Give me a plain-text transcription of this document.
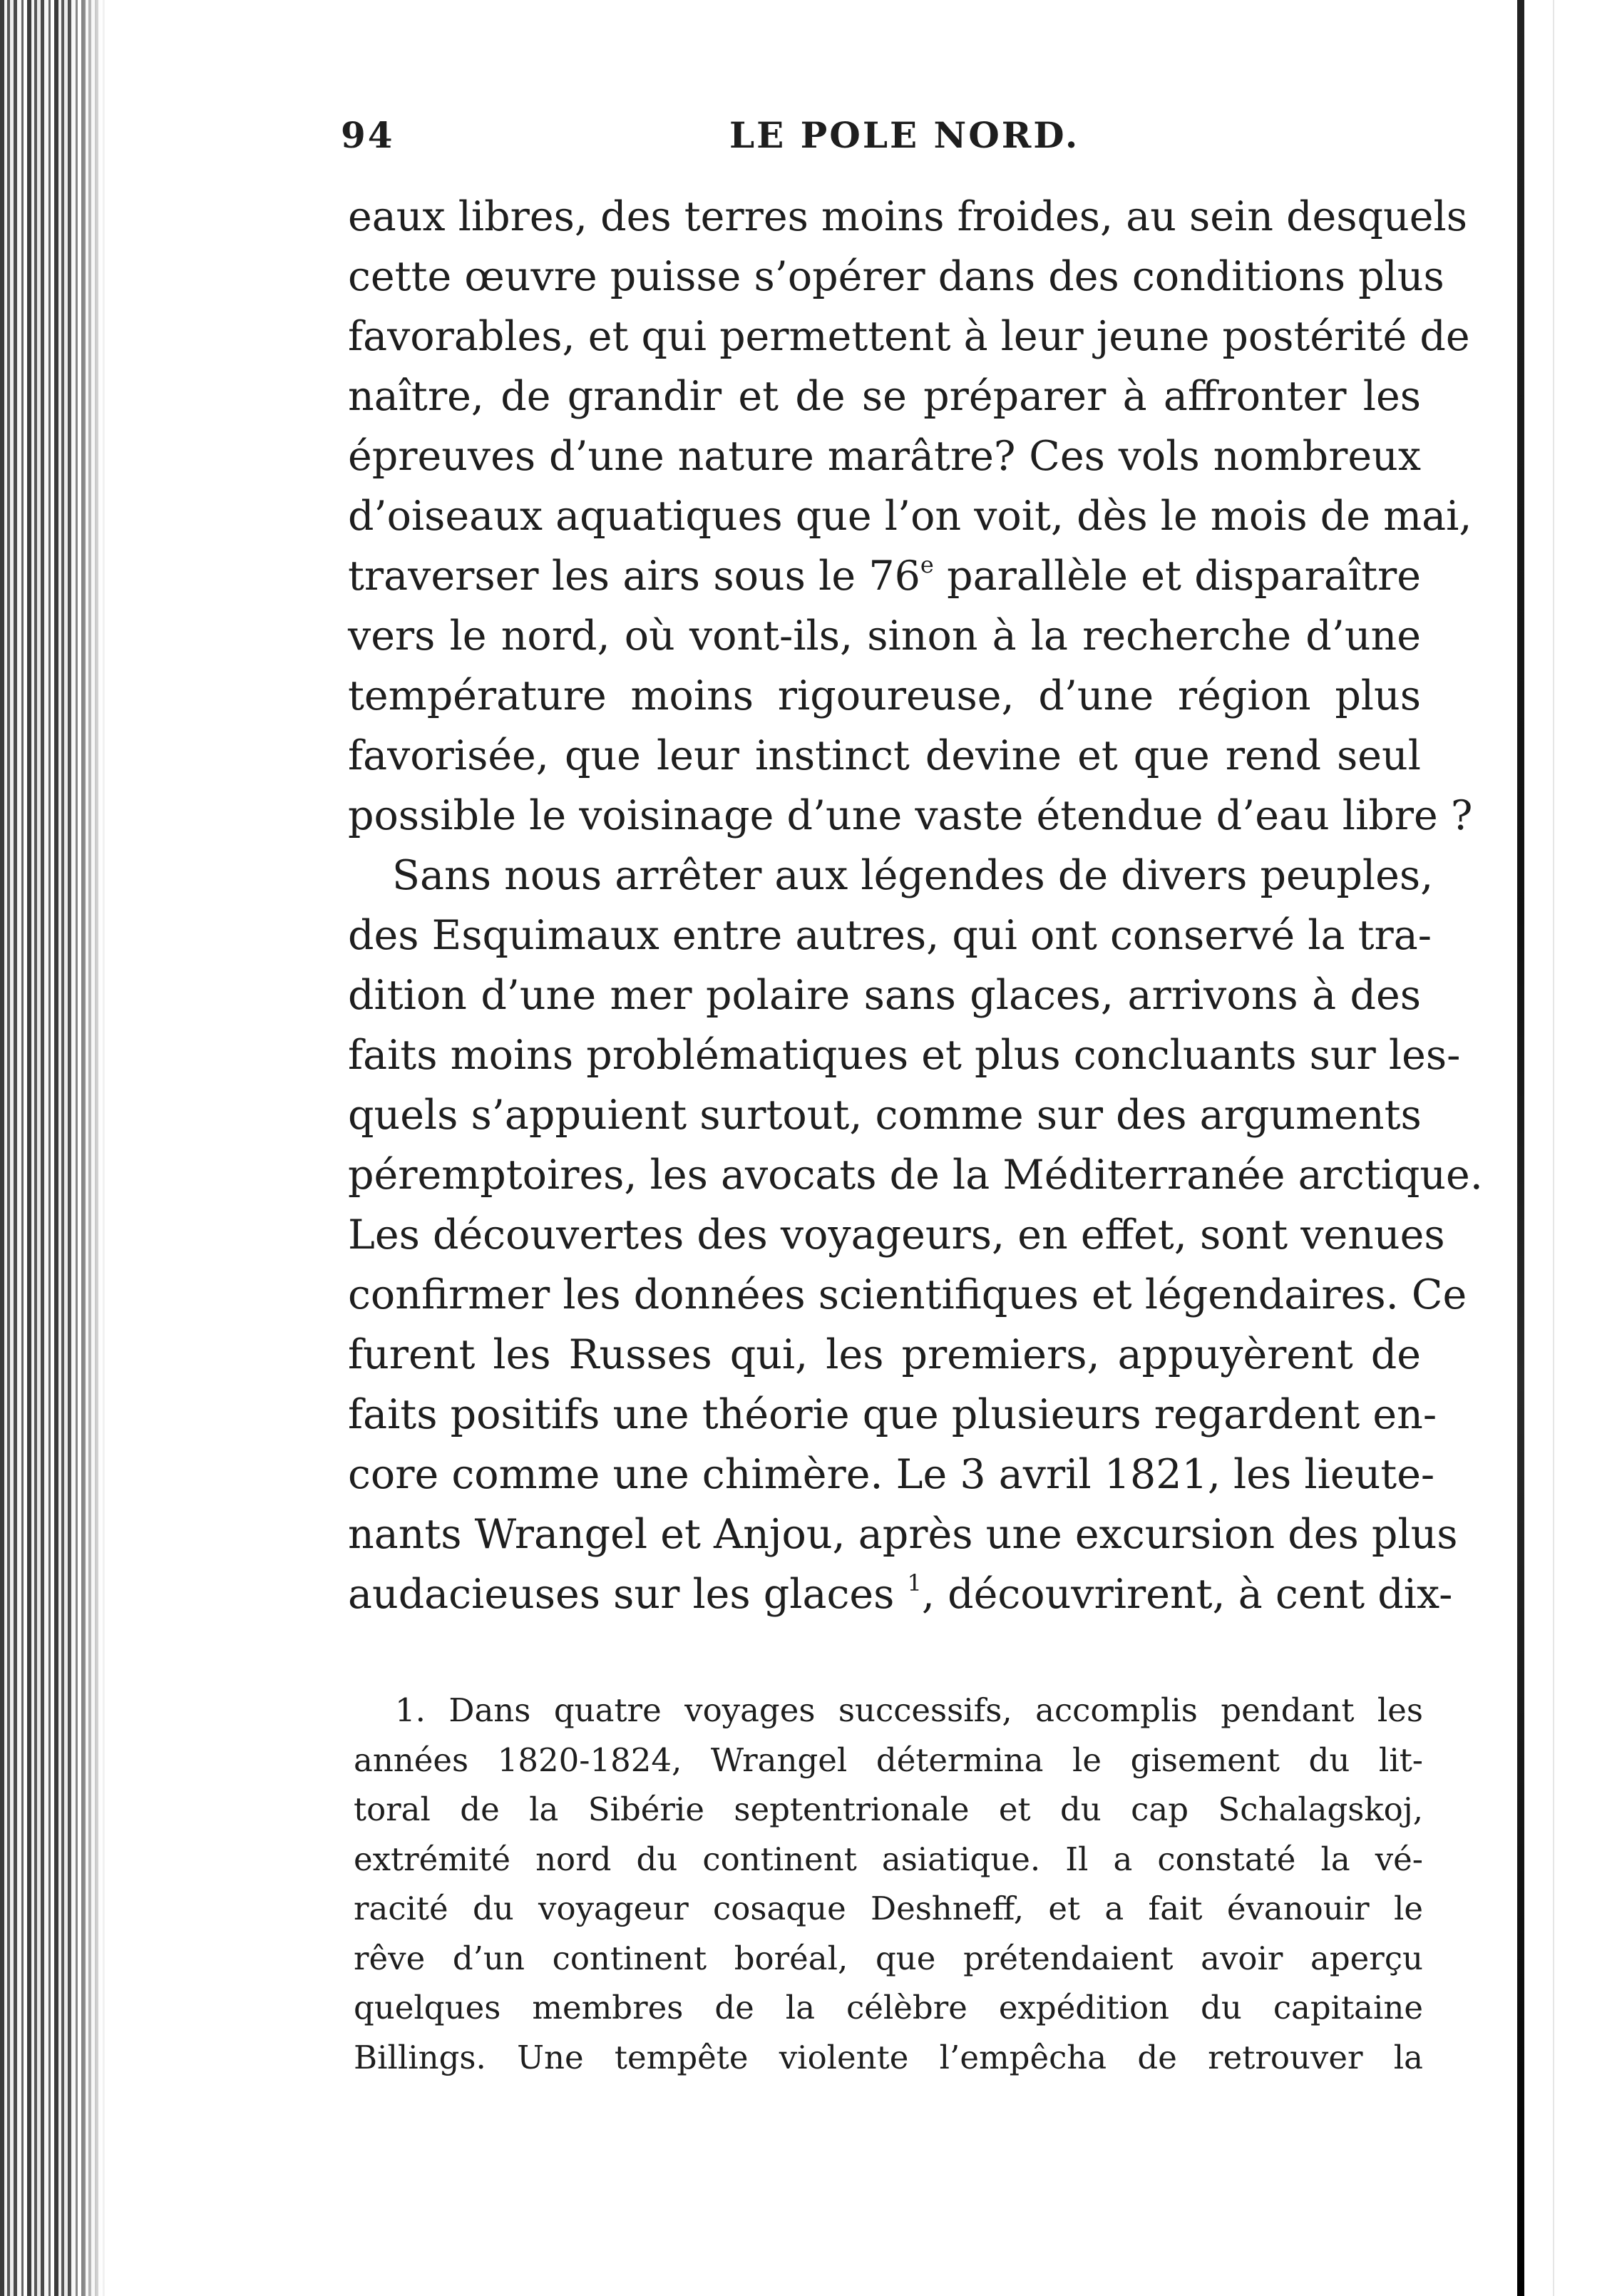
94	LE POLE NORD.
eaux libres, des terres moins froides, au sein desquels
cette œuvre puisse s’opérer dans des conditions plus
favorables, et qui permettent à leur jeune postérité de
naître, de grandir et de se préparer à affronter les
épreuves d’une nature marâtre? Ces vols nombreux
d’oiseaux aquatiques que l’on voit, dès le mois de mai,
traverser les airs sous le 76e parallèle et disparaître
vers le nord, où vont-ils, sinon à la recherche d’une
température moins rigoureuse, d’une région plus
favorisée, que leur instinct devine et que rend seul
possible le voisinage d’une vaste étendue d’eau libre ?
Sans nous arrêter aux légendes de divers peuples,
des Esquimaux entre autres, qui ont conservé la tra-
dition d’une mer polaire sans glaces, arrivons à des
faits moins problématiques et plus concluants sur les-
quels s’appuient surtout, comme sur des arguments
péremptoires, les avocats de la Méditerranée arctique.
Les découvertes des voyageurs, en effet, sont venues
confirmer les données scientifiques et légendaires. Ce
furent les Russes qui, les premiers, appuyèrent de
faits positifs une théorie que plusieurs regardent en-
core comme une chimère. Le 3 avril 1821, les lieute-
nants Wrangel et Anjou, après une excursion des plus
audacieuses sur les glaces $^1$, découvrirent, à cent dix-
1. Dans quatre voyages successifs, accomplis pendant les
années 1820-1824, Wrangel détermina le gisement du lit-
toral de la Sibérie septentrionale et du cap Schalagskoj,
extrémité nord du continent asiatique. Il a constaté la vé-
racité du voyageur cosaque Deshneff, et a fait évanouir le
rêve d’un continent boréal, que prétendaient avoir aperçu
quelques membres de la célèbre expédition du capitaine
Billings. Une tempête violente l’empêcha de retrouver la
